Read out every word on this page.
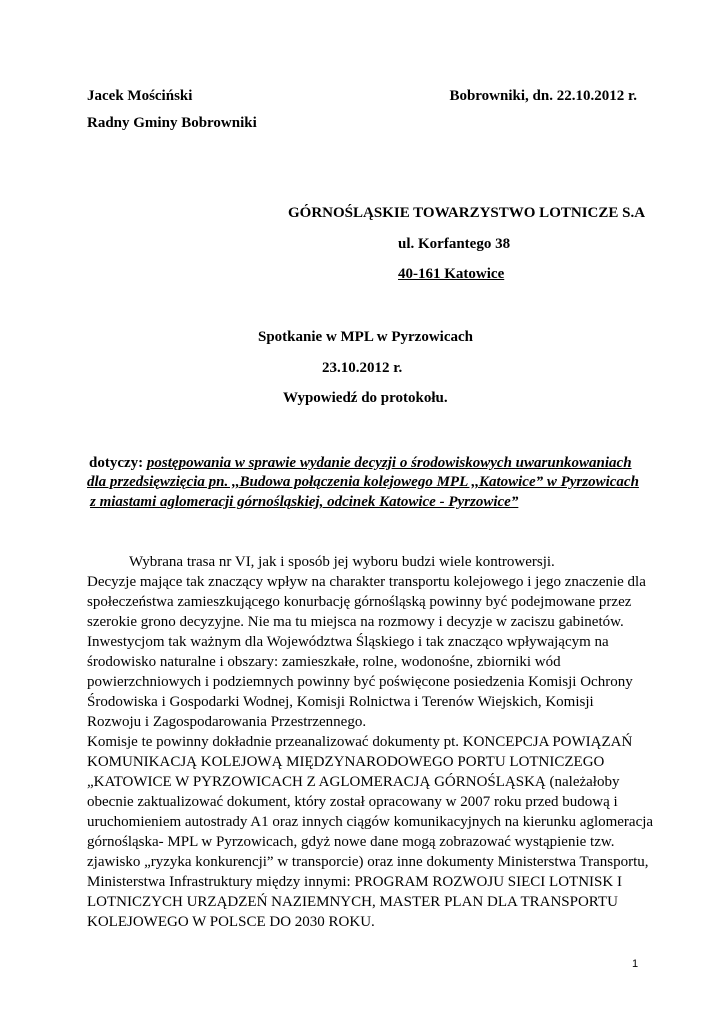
Jacek Mościński	Bobrowniki, dn. 22.10.2012 r.
Radny Gminy Bobrowniki
GÓRNOŚLĄSKIE TOWARZYSTWO LOTNICZE S.A
ul. Korfantego 38
40-161 Katowice
Spotkanie w MPL w Pyrzowicach
23.10.2012 r.
Wypowiedź do protokołu.
dotyczy: postępowania w sprawie wydanie decyzji o środowiskowych uwarunkowaniach
dla przedsięwzięcia pn. ,,Budowa połączenia kolejowego MPL ,,Katowice” w Pyrzowicach
z miastami aglomeracji górnośląskiej, odcinek Katowice - Pyrzowice”
Wybrana trasa nr VI, jak i sposób jej wyboru budzi wiele kontrowersji.
Decyzje mające tak znaczący wpływ na charakter transportu kolejowego i jego znaczenie dla
społeczeństwa zamieszkującego konurbację górnośląską powinny być podejmowane przez
szerokie grono decyzyjne. Nie ma tu miejsca na rozmowy i decyzje w zaciszu gabinetów.
Inwestycjom tak ważnym dla Województwa Śląskiego i tak znacząco wpływającym na
środowisko naturalne i obszary: zamieszkałe, rolne, wodonośne, zbiorniki wód
powierzchniowych i podziemnych powinny być poświęcone posiedzenia Komisji Ochrony
Środowiska i Gospodarki Wodnej, Komisji Rolnictwa i Terenów Wiejskich, Komisji
Rozwoju i Zagospodarowania Przestrzennego.
Komisje te powinny dokładnie przeanalizować dokumenty pt. KONCEPCJA POWIĄZAŃ
KOMUNIKACJĄ KOLEJOWĄ MIĘDZYNARODOWEGO PORTU LOTNICZEGO
„KATOWICE W PYRZOWICACH Z AGLOMERACJĄ GÓRNOŚLĄSKĄ (należałoby
obecnie zaktualizować dokument, który został opracowany w 2007 roku przed budową i
uruchomieniem autostrady A1 oraz innych ciągów komunikacyjnych na kierunku aglomeracja
górnośląska- MPL w Pyrzowicach, gdyż nowe dane mogą zobrazować wystąpienie tzw.
zjawisko „ryzyka konkurencji” w transporcie) oraz inne dokumenty Ministerstwa Transportu,
Ministerstwa Infrastruktury między innymi: PROGRAM ROZWOJU SIECI LOTNISK I
LOTNICZYCH URZĄDZEŃ NAZIEMNYCH, MASTER PLAN DLA TRANSPORTU
KOLEJOWEGO W POLSCE DO 2030 ROKU.
1
